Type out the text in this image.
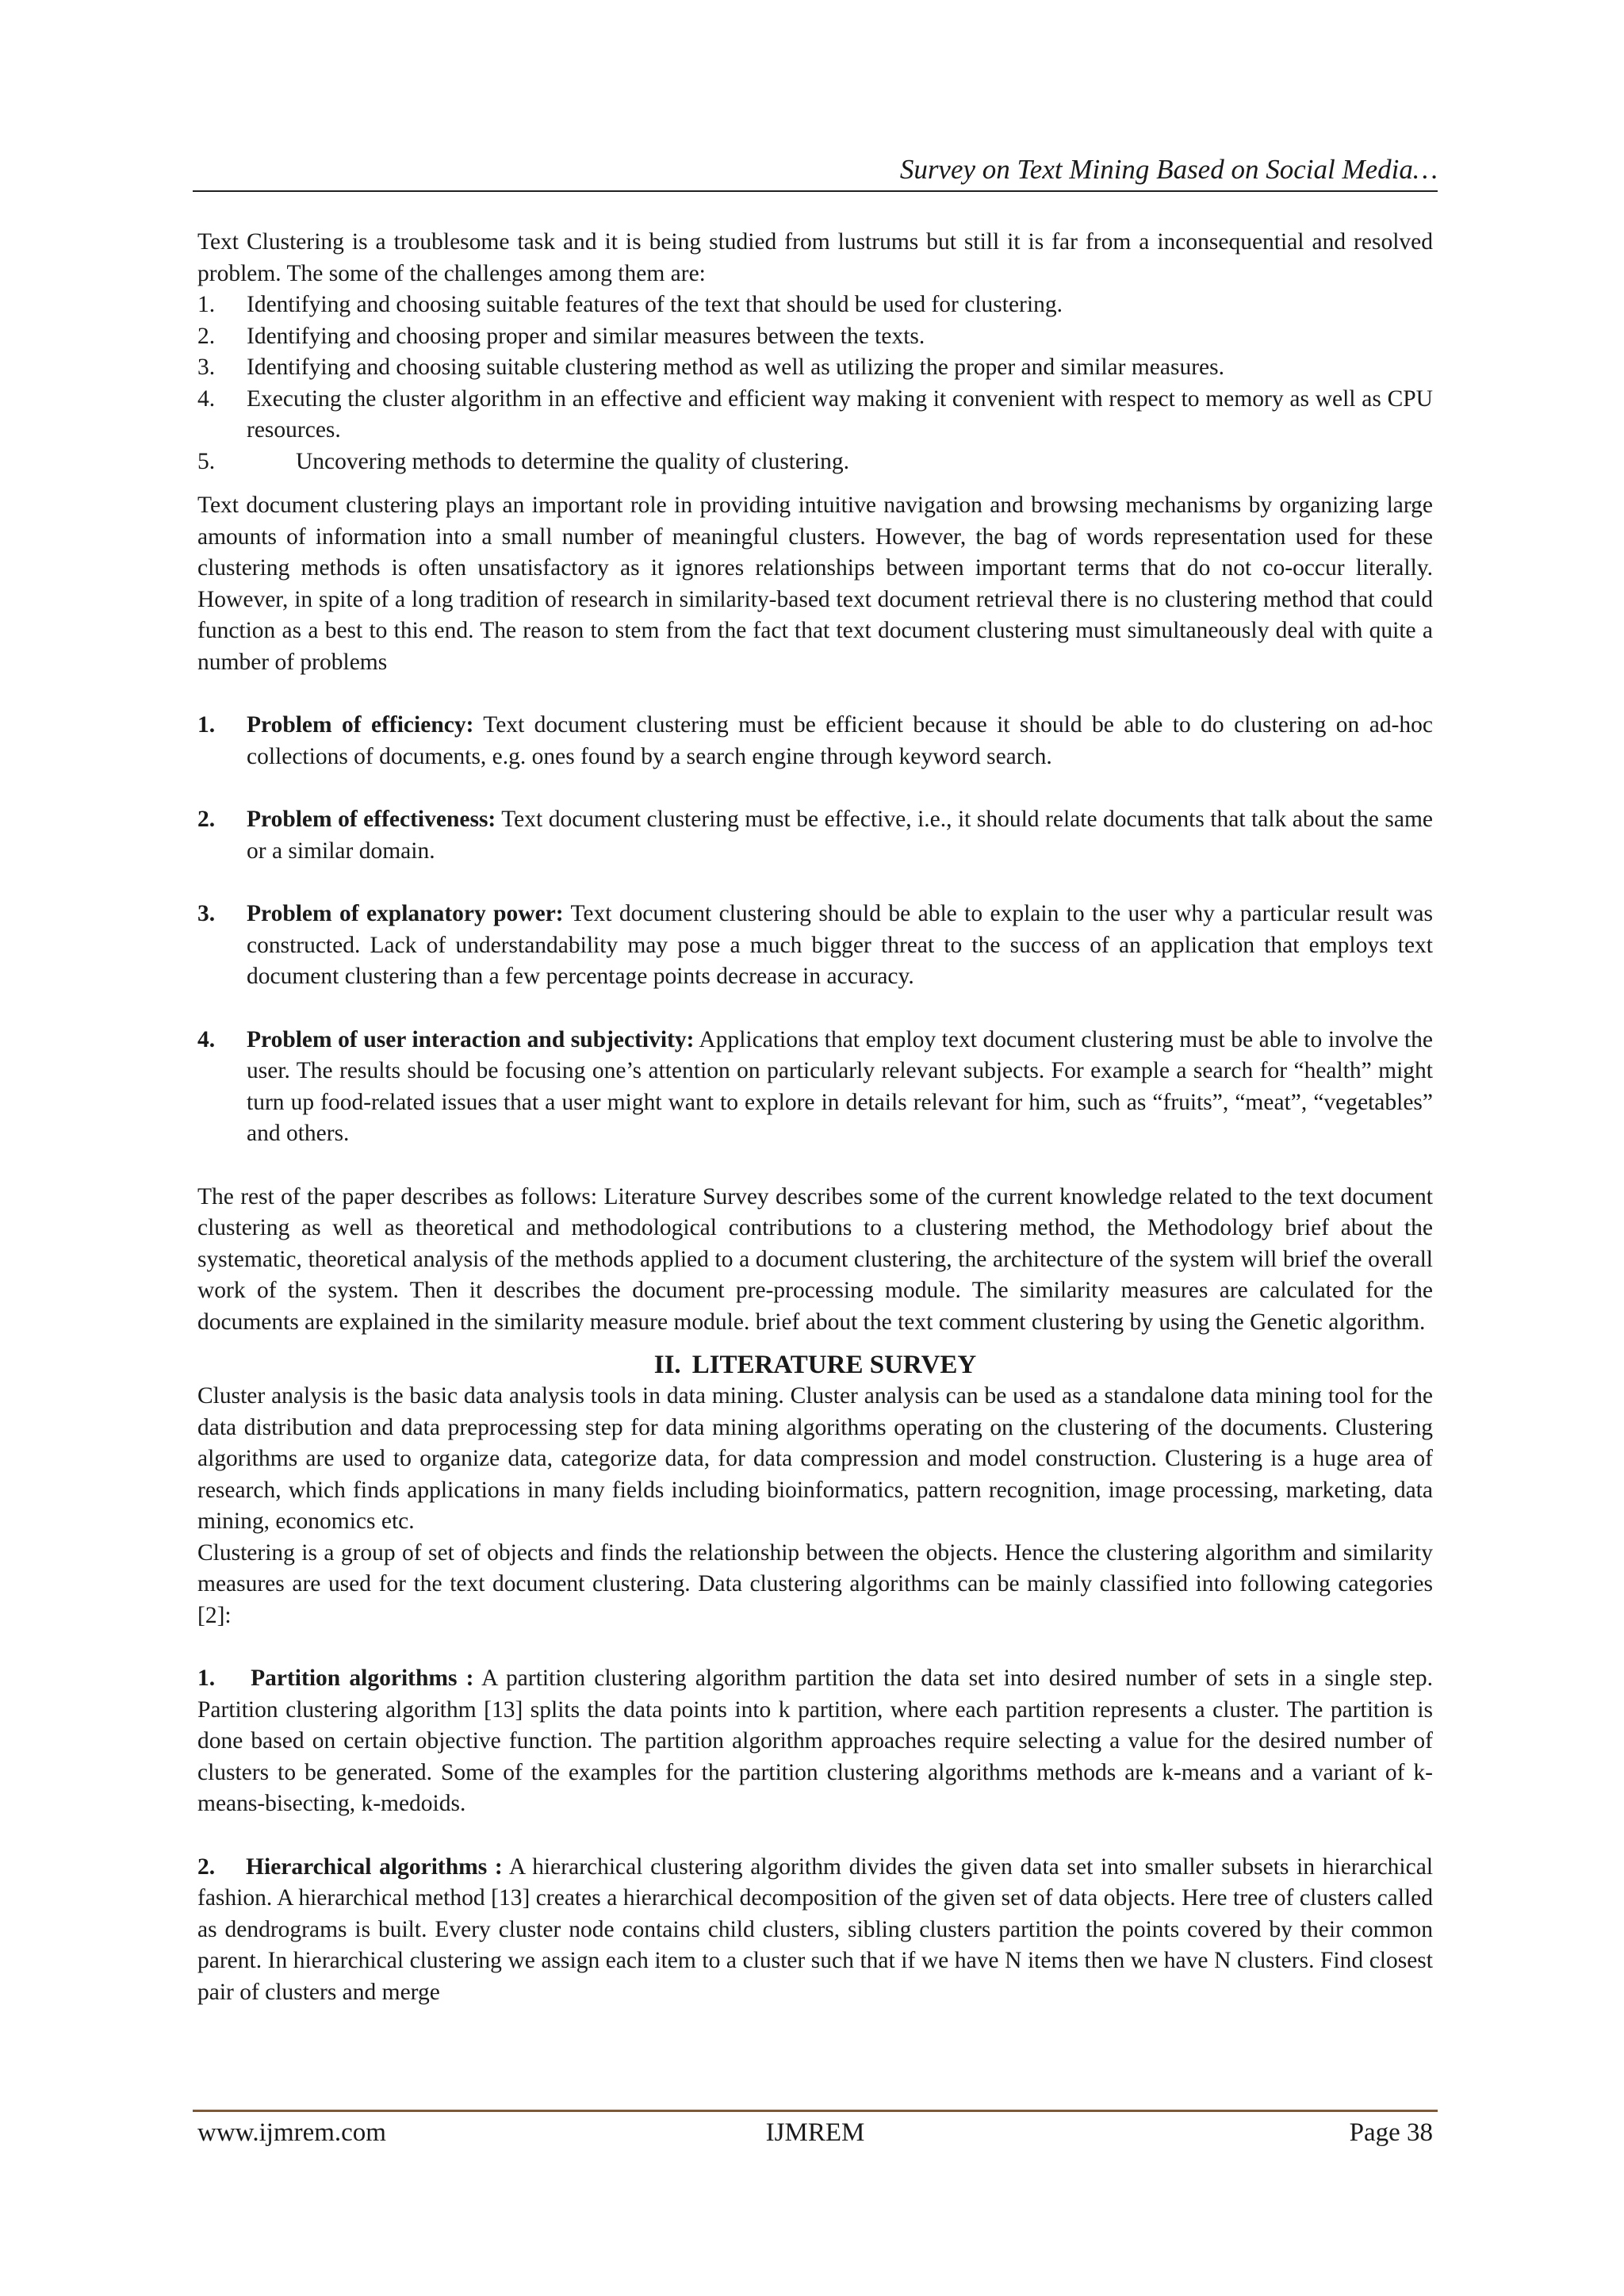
Survey on Text Mining Based on Social Media…

Text Clustering is a troublesome task and it is being studied from lustrums but still it is far from a inconsequential and resolved problem. The some of the challenges among them are:

1. Identifying and choosing suitable features of the text that should be used for clustering.
2. Identifying and choosing proper and similar measures between the texts.
3. Identifying and choosing suitable clustering method as well as utilizing the proper and similar measures.
4. Executing the cluster algorithm in an effective and efficient way making it convenient with respect to memory as well as CPU resources.
5.	Uncovering methods to determine the quality of clustering.

Text document clustering plays an important role in providing intuitive navigation and browsing mechanisms by organizing large amounts of information into a small number of meaningful clusters. However, the bag of words representation used for these clustering methods is often unsatisfactory as it ignores relationships between important terms that do not co-occur literally. However, in spite of a long tradition of research in similarity-based text document retrieval there is no clustering method that could function as a best to this end. The reason to stem from the fact that text document clustering must simultaneously deal with quite a number of problems

1. Problem of efficiency: Text document clustering must be efficient because it should be able to do clustering on ad-hoc collections of documents, e.g. ones found by a search engine through keyword search.
2. Problem of effectiveness: Text document clustering must be effective, i.e., it should relate documents that talk about the same or a similar domain.
3. Problem of explanatory power: Text document clustering should be able to explain to the user why a particular result was constructed. Lack of understandability may pose a much bigger threat to the success of an application that employs text document clustering than a few percentage points decrease in accuracy.
4. Problem of user interaction and subjectivity: Applications that employ text document clustering must be able to involve the user. The results should be focusing one’s attention on particularly relevant subjects. For example a search for “health” might turn up food-related issues that a user might want to explore in details relevant for him, such as “fruits”, “meat”, “vegetables” and others.

The rest of the paper describes as follows: Literature Survey describes some of the current knowledge related to the text document clustering as well as theoretical and methodological contributions to a clustering method, the Methodology brief about the systematic, theoretical analysis of the methods applied to a document clustering, the architecture of the system will brief the overall work of the system. Then it describes the document pre-processing module. The similarity measures are calculated for the documents are explained in the similarity measure module. brief about the text comment clustering by using the Genetic algorithm.

II. LITERATURE SURVEY

Cluster analysis is the basic data analysis tools in data mining. Cluster analysis can be used as a standalone data mining tool for the data distribution and data preprocessing step for data mining algorithms operating on the clustering of the documents. Clustering algorithms are used to organize data, categorize data, for data compression and model construction. Clustering is a huge area of research, which finds applications in many fields including bioinformatics, pattern recognition, image processing, marketing, data mining, economics etc.

Clustering is a group of set of objects and finds the relationship between the objects. Hence the clustering algorithm and similarity measures are used for the text document clustering. Data clustering algorithms can be mainly classified into following categories [2]:

1. Partition algorithms : A partition clustering algorithm partition the data set into desired number of sets in a single step. Partition clustering algorithm [13] splits the data points into k partition, where each partition represents a cluster. The partition is done based on certain objective function. The partition algorithm approaches require selecting a value for the desired number of clusters to be generated. Some of the examples for the partition clustering algorithms methods are k-means and a variant of k-means-bisecting, k-medoids.

2. Hierarchical algorithms : A hierarchical clustering algorithm divides the given data set into smaller subsets in hierarchical fashion. A hierarchical method [13] creates a hierarchical decomposition of the given set of data objects. Here tree of clusters called as dendrograms is built. Every cluster node contains child clusters, sibling clusters partition the points covered by their common parent. In hierarchical clustering we assign each item to a cluster such that if we have N items then we have N clusters. Find closest pair of clusters and merge

IJMREM
www.ijmrem.com	Page 38
